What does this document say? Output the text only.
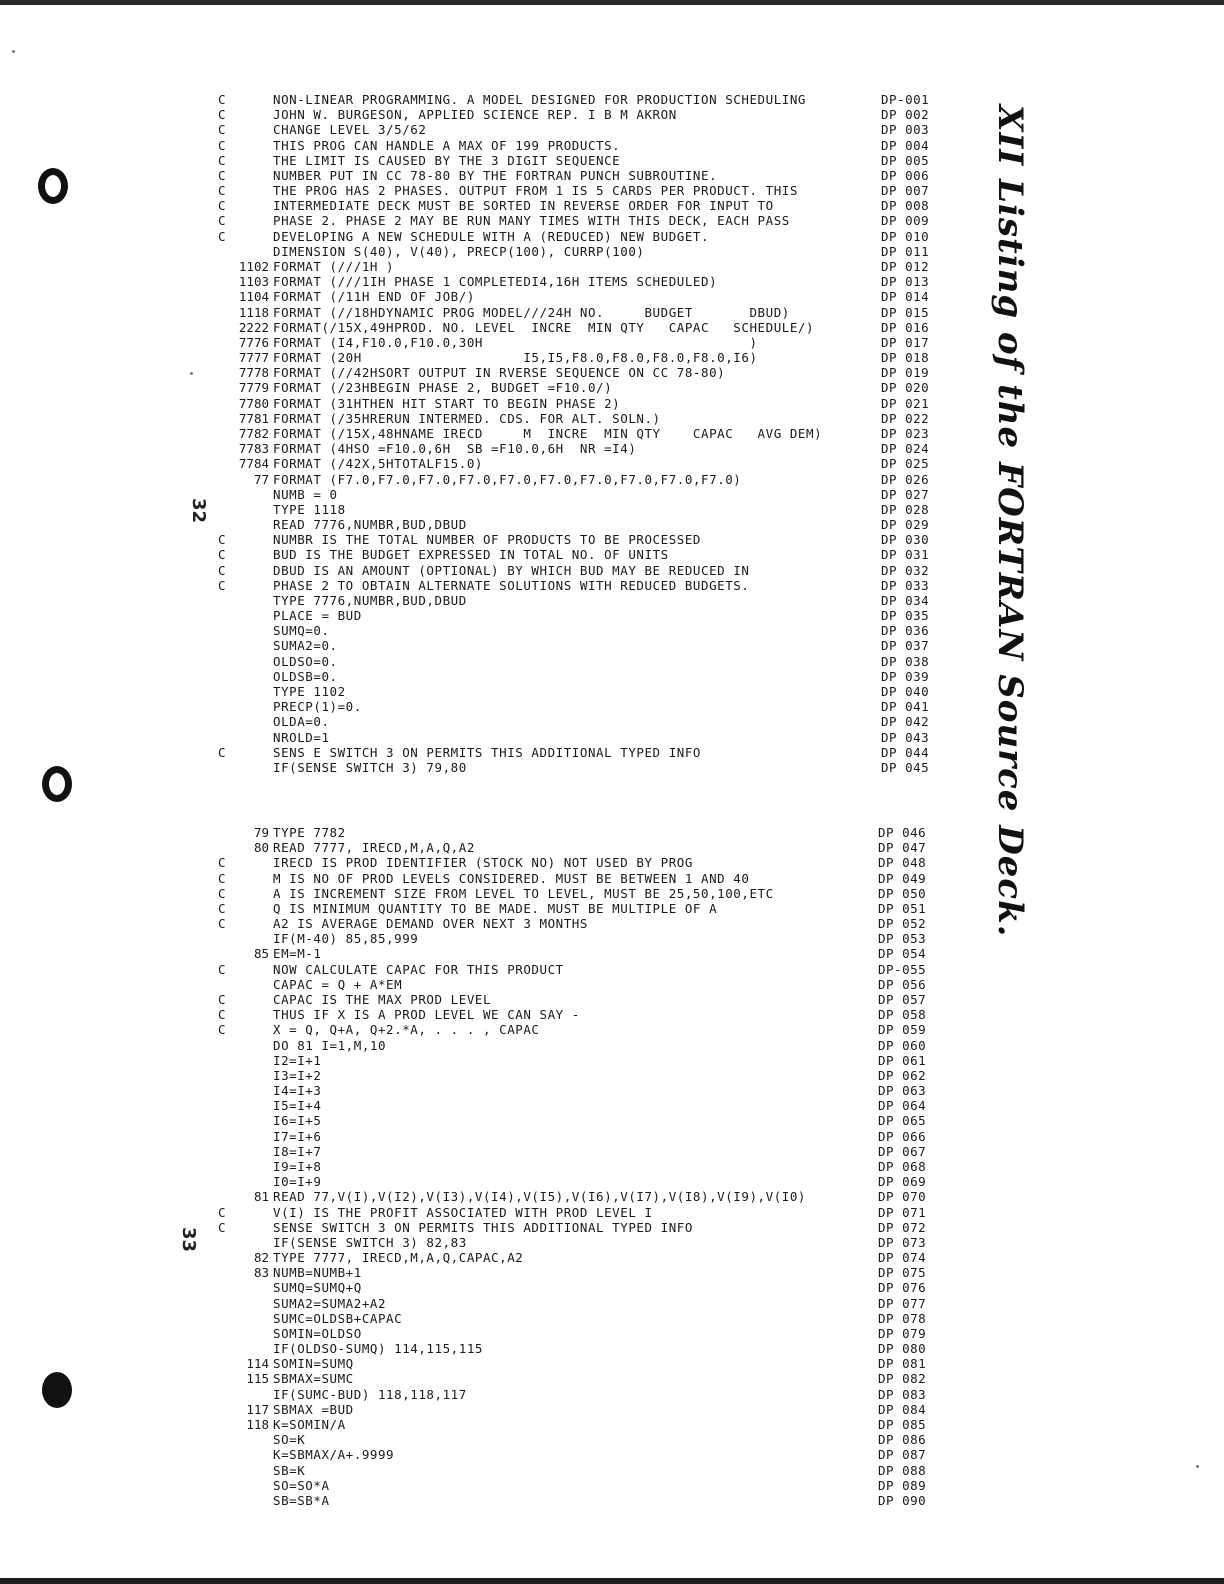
32
33
XII Listing of the FORTRAN Source Deck.
C	NON-LINEAR PROGRAMMING. A MODEL DESIGNED FOR PRODUCTION SCHEDULING	DP-001
C	JOHN W. BURGESON, APPLIED SCIENCE REP. I B M AKRON	DP 002
C	CHANGE LEVEL 3/5/62	DP 003
C	THIS PROG CAN HANDLE A MAX OF 199 PRODUCTS.	DP 004
C	THE LIMIT IS CAUSED BY THE 3 DIGIT SEQUENCE	DP 005
C	NUMBER PUT IN CC 78-80 BY THE FORTRAN PUNCH SUBROUTINE.	DP 006
C	THE PROG HAS 2 PHASES. OUTPUT FROM 1 IS 5 CARDS PER PRODUCT. THIS	DP 007
C	INTERMEDIATE DECK MUST BE SORTED IN REVERSE ORDER FOR INPUT TO	DP 008
C	PHASE 2. PHASE 2 MAY BE RUN MANY TIMES WITH THIS DECK, EACH PASS	DP 009
C	DEVELOPING A NEW SCHEDULE WITH A (REDUCED) NEW BUDGET.	DP 010
DIMENSION S(40), V(40), PRECP(100), CURRP(100)	DP 011
1102 FORMAT (///1H )	DP 012
1103 FORMAT (///1IH PHASE 1 COMPLETEDI4,16H ITEMS SCHEDULED)	DP 013
1104 FORMAT (/11H END OF JOB/)	DP 014
1118 FORMAT (//18HDYNAMIC PROG MODEL///24H NO.     BUDGET       DBUD)	DP 015
2222 FORMAT(/15X,49HPROD. NO. LEVEL  INCRE  MIN QTY   CAPAC   SCHEDULE/)	DP 016
7776 FORMAT (I4,F10.0,F10.0,30H                                 )	DP 017
7777 FORMAT (20H                    I5,I5,F8.0,F8.0,F8.0,F8.0,I6)	DP 018
7778 FORMAT (//42HSORT OUTPUT IN RVERSE SEQUENCE ON CC 78-80)	DP 019
7779 FORMAT (/23HBEGIN PHASE 2, BUDGET =F10.0/)	DP 020
7780 FORMAT (31HTHEN HIT START TO BEGIN PHASE 2)	DP 021
7781 FORMAT (/35HRERUN INTERMED. CDS. FOR ALT. SOLN.)	DP 022
7782 FORMAT (/15X,48HNAME IRECD     M  INCRE  MIN QTY    CAPAC   AVG DEM)	DP 023
7783 FORMAT (4HSO =F10.0,6H  SB =F10.0,6H  NR =I4)	DP 024
7784 FORMAT (/42X,5HTOTALF15.0)	DP 025
77 FORMAT (F7.0,F7.0,F7.0,F7.0,F7.0,F7.0,F7.0,F7.0,F7.0,F7.0)	DP 026
NUMB = 0	DP 027
TYPE 1118	DP 028
READ 7776,NUMBR,BUD,DBUD	DP 029
C	NUMBR IS THE TOTAL NUMBER OF PRODUCTS TO BE PROCESSED	DP 030
C	BUD IS THE BUDGET EXPRESSED IN TOTAL NO. OF UNITS	DP 031
C	DBUD IS AN AMOUNT (OPTIONAL) BY WHICH BUD MAY BE REDUCED IN	DP 032
C	PHASE 2 TO OBTAIN ALTERNATE SOLUTIONS WITH REDUCED BUDGETS.	DP 033
TYPE 7776,NUMBR,BUD,DBUD	DP 034
PLACE = BUD	DP 035
SUMQ=0.	DP 036
SUMA2=0.	DP 037
OLDSO=0.	DP 038
OLDSB=0.	DP 039
TYPE 1102	DP 040
PRECP(1)=0.	DP 041
OLDA=0.	DP 042
NROLD=1	DP 043
C	SENS E SWITCH 3 ON PERMITS THIS ADDITIONAL TYPED INFO	DP 044
IF(SENSE SWITCH 3) 79,80	DP 045
79 TYPE 7782	DP 046
80 READ 7777, IRECD,M,A,Q,A2	DP 047
C	IRECD IS PROD IDENTIFIER (STOCK NO) NOT USED BY PROG	DP 048
C	M IS NO OF PROD LEVELS CONSIDERED. MUST BE BETWEEN 1 AND 40	DP 049
C	A IS INCREMENT SIZE FROM LEVEL TO LEVEL, MUST BE 25,50,100,ETC	DP 050
C	Q IS MINIMUM QUANTITY TO BE MADE. MUST BE MULTIPLE OF A	DP 051
C	A2 IS AVERAGE DEMAND OVER NEXT 3 MONTHS	DP 052
IF(M-40) 85,85,999	DP 053
85 EM=M-1	DP 054
C	NOW CALCULATE CAPAC FOR THIS PRODUCT	DP-055
CAPAC = Q + A*EM	DP 056
C	CAPAC IS THE MAX PROD LEVEL	DP 057
C	THUS IF X IS A PROD LEVEL WE CAN SAY -	DP 058
C	X = Q, Q+A, Q+2.*A, . . . , CAPAC	DP 059
DO 81 I=1,M,10	DP 060
I2=I+1	DP 061
I3=I+2	DP 062
I4=I+3	DP 063
I5=I+4	DP 064
I6=I+5	DP 065
I7=I+6	DP 066
I8=I+7	DP 067
I9=I+8	DP 068
I0=I+9	DP 069
81 READ 77,V(I),V(I2),V(I3),V(I4),V(I5),V(I6),V(I7),V(I8),V(I9),V(I0)	DP 070
C	V(I) IS THE PROFIT ASSOCIATED WITH PROD LEVEL I	DP 071
C	SENSE SWITCH 3 ON PERMITS THIS ADDITIONAL TYPED INFO	DP 072
IF(SENSE SWITCH 3) 82,83	DP 073
82 TYPE 7777, IRECD,M,A,Q,CAPAC,A2	DP 074
83 NUMB=NUMB+1	DP 075
SUMQ=SUMQ+Q	DP 076
SUMA2=SUMA2+A2	DP 077
SUMC=OLDSB+CAPAC	DP 078
SOMIN=OLDSO	DP 079
IF(OLDSO-SUMQ) 114,115,115	DP 080
114 SOMIN=SUMQ	DP 081
115 SBMAX=SUMC	DP 082
IF(SUMC-BUD) 118,118,117	DP 083
117 SBMAX =BUD	DP 084
118 K=SOMIN/A	DP 085
SO=K	DP 086
K=SBMAX/A+.9999	DP 087
SB=K	DP 088
SO=SO*A	DP 089
SB=SB*A	DP 090
